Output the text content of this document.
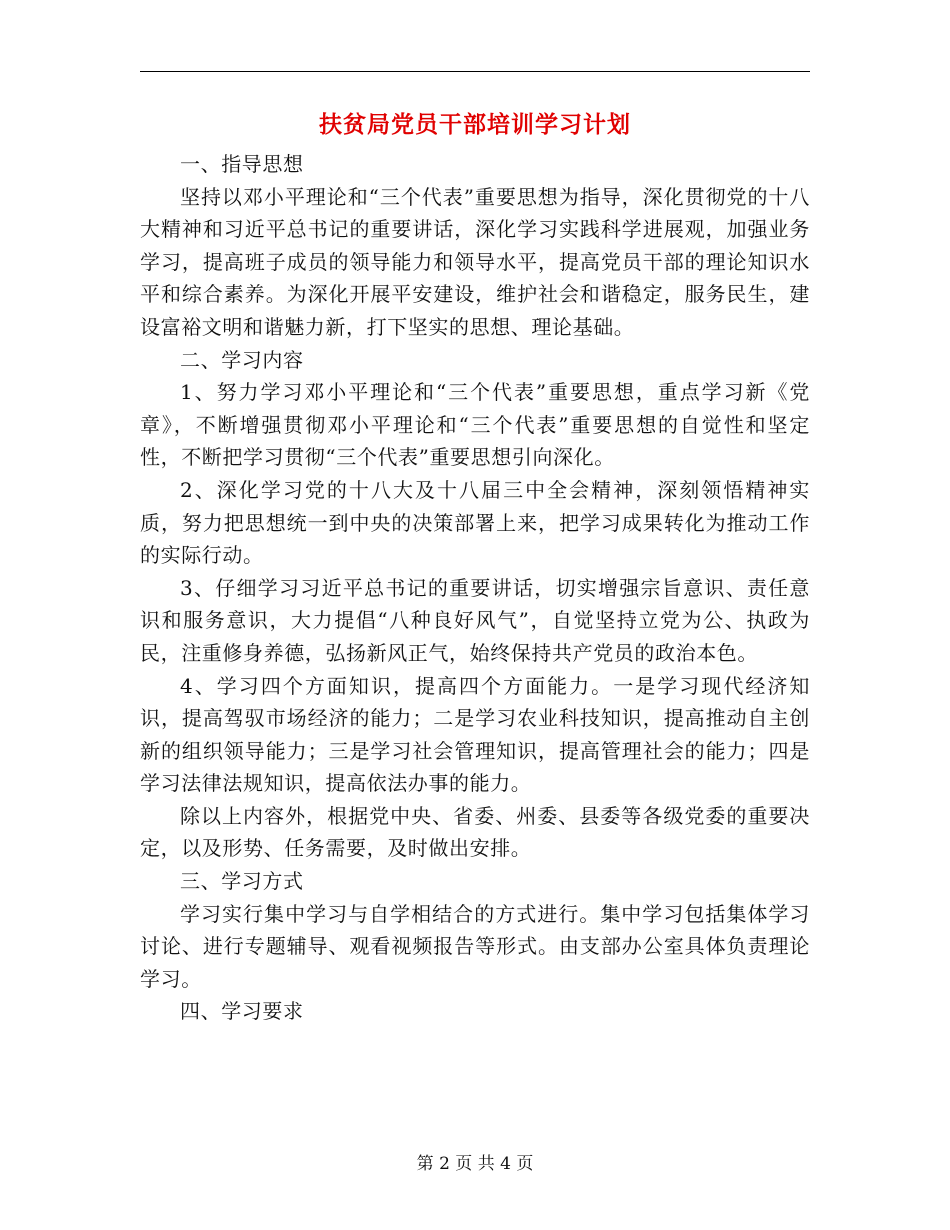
扶贫局党员干部培训学习计划

一、指导思想

坚持以邓小平理论和“三个代表”重要思想为指导，深化贯彻党的十八大精神和习近平总书记的重要讲话，深化学习实践科学进展观，加强业务学习，提高班子成员的领导能力和领导水平，提高党员干部的理论知识水平和综合素养。为深化开展平安建设，维护社会和谐稳定，服务民生，建设富裕文明和谐魅力新，打下坚实的思想、理论基础。

二、学习内容

1、努力学习邓小平理论和“三个代表”重要思想，重点学习新《党章》，不断增强贯彻邓小平理论和“三个代表”重要思想的自觉性和坚定性，不断把学习贯彻“三个代表”重要思想引向深化。

2、深化学习党的十八大及十八届三中全会精神，深刻领悟精神实质，努力把思想统一到中央的决策部署上来，把学习成果转化为推动工作的实际行动。

3、仔细学习习近平总书记的重要讲话，切实增强宗旨意识、责任意识和服务意识，大力提倡“八种良好风气”，自觉坚持立党为公、执政为民，注重修身养德，弘扬新风正气，始终保持共产党员的政治本色。

4、学习四个方面知识，提高四个方面能力。一是学习现代经济知识，提高驾驭市场经济的能力；二是学习农业科技知识，提高推动自主创新的组织领导能力；三是学习社会管理知识，提高管理社会的能力；四是学习法律法规知识，提高依法办事的能力。

除以上内容外，根据党中央、省委、州委、县委等各级党委的重要决定，以及形势、任务需要，及时做出安排。

三、学习方式

学习实行集中学习与自学相结合的方式进行。集中学习包括集体学习讨论、进行专题辅导、观看视频报告等形式。由支部办公室具体负责理论学习。

四、学习要求

第 2 页 共 4 页
